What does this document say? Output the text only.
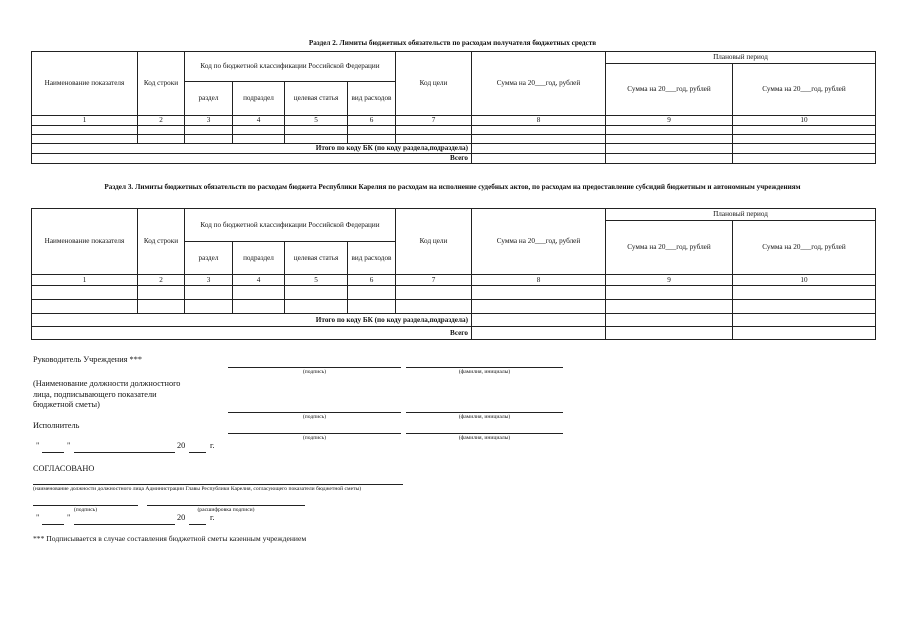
Раздел 2. Лимиты бюджетных обязательств по расходам получателя бюджетных средств
Наименование показателя	Код строки	Код по бюджетной классификации Российской Федерации				Код цели	Сумма на 20___год, рублей	Плановый период	
								Сумма на 20___год, рублей	Сумма на 20___год, рублей
		раздел	подраздел	целевая статья	вид расходов				
1	2	3	4	5	6	7	8	9	10

Итого по коду БК (по коду раздела,подраздела)									
Всего									
Раздел 3. Лимиты бюджетных обязательств по расходам бюджета Республики Карелия по расходам на исполнение судебных актов, по расходам на предоставление субсидий бюджетным и автономным учреждениям
Наименование показателя	Код строки	Код по бюджетной классификации Российской Федерации				Код цели	Сумма на 20___год, рублей	Плановый период	
								Сумма на 20___год, рублей	Сумма на 20___год, рублей
		раздел	подраздел	целевая статья	вид расходов				
1	2	3	4	5	6	7	8	9	10

Итого по коду БК (по коду раздела,подраздела)									
Всего									
Руководитель Учреждения ***
(подпись)	(фамилия, инициалы)
(Наименование должности должностного
лица, подписывающего показатели
бюджетной сметы)
(подпись)	(фамилия, инициалы)
Исполнитель
(подпись)	(фамилия, инициалы)
"	"	20	г.
СОГЛАСОВАНО
(наименование должности должностного лица Администрации Главы Республики Карелия, согласующего показатели бюджетной сметы)
(подпись)	(расшифровка подписи)
"	"	20	г.
*** Подписывается в случае составления бюджетной сметы казенным учреждением
